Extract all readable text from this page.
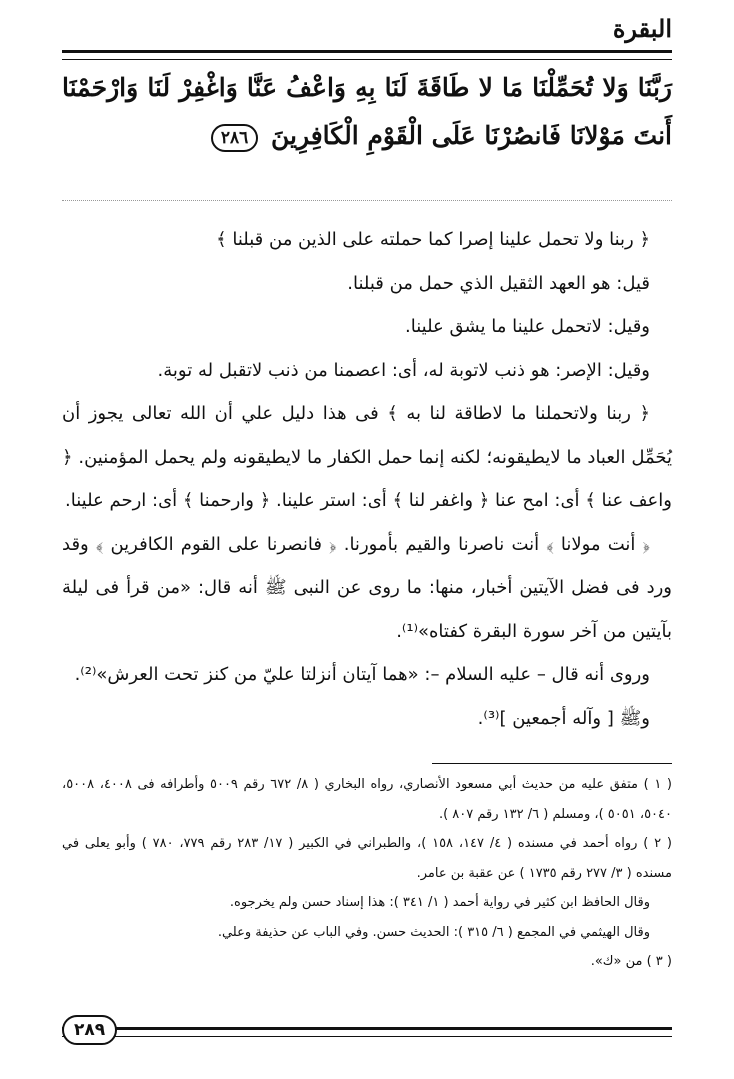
البقرة
رَبَّنَا وَلا تُحَمِّلْنَا مَا لا طَاقَةَ لَنَا بِهِ وَاعْفُ عَنَّا وَاغْفِرْ لَنَا وَارْحَمْنَا أَنتَ مَوْلانَا فَانصُرْنَا عَلَى الْقَوْمِ الْكَافِرِينَ ٢٨٦

﴿ ربنا ولا تحمل علينا إصرا كما حملته على الذين من قبلنا ﴾

قيل: هو العهد الثقيل الذي حمل من قبلنا.

وقيل: لاتحمل علينا ما يشق علينا.

وقيل: الإصر: هو ذنب لاتوبة له، أى: اعصمنا من ذنب لاتقبل له توبة.

﴿ ربنا ولاتحملنا ما لاطاقة لنا به ﴾ فى هذا دليل علي أن الله تعالى يجوز أن يُحَمِّل العباد ما لايطيقونه؛ لكنه إنما حمل الكفار ما لايطيقونه ولم يحمل المؤمنين. ﴿ واعف عنا ﴾ أى: امح عنا ﴿ واغفر لنا ﴾ أى: استر علينا. ﴿ وارحمنا ﴾ أى: ارحم علينا.

﴿ أنت مولانا ﴾ أنت ناصرنا والقيم بأمورنا. ﴿ فانصرنا على القوم الكافرين ﴾ وقد ورد فى فضل الآيتين أخبار، منها: ما روى عن النبى ﷺ أنه قال: «من قرأ فى ليلة بآيتين من آخر سورة البقرة كفتاه»⁽¹⁾.

وروى أنه قال – عليه السلام –: «هما آيتان أنزلتا عليّ من كنز تحت العرش»⁽²⁾.

وﷺ [ وآله أجمعين ]⁽³⁾.

( ١ ) متفق عليه من حديث أبي مسعود الأنصاري، رواه البخاري ( ٨/ ٦٧٢ رقم ٥٠٠٩ وأطرافه فى ٤٠٠٨، ٥٠٠٨، ٥٠٤٠، ٥٠٥١ )، ومسلم ( ٦/ ١٣٢ رقم ٨٠٧ ).

( ٢ ) رواه أحمد في مسنده ( ٤/ ١٤٧، ١٥٨ )، والطبراني في الكبير ( ١٧/ ٢٨٣ رقم ٧٧٩، ٧٨٠ ) وأبو يعلى في مسنده ( ٣/ ٢٧٧ رقم ١٧٣٥ ) عن عقبة بن عامر.

وقال الحافظ ابن كثير في رواية أحمد ( ١/ ٣٤١ ): هذا إسناد حسن ولم يخرجوه.

وقال الهيثمي في المجمع ( ٦/ ٣١٥ ): الحديث حسن. وفي الباب عن حذيفة وعلي.

( ٣ ) من «ك».

٢٨٩
